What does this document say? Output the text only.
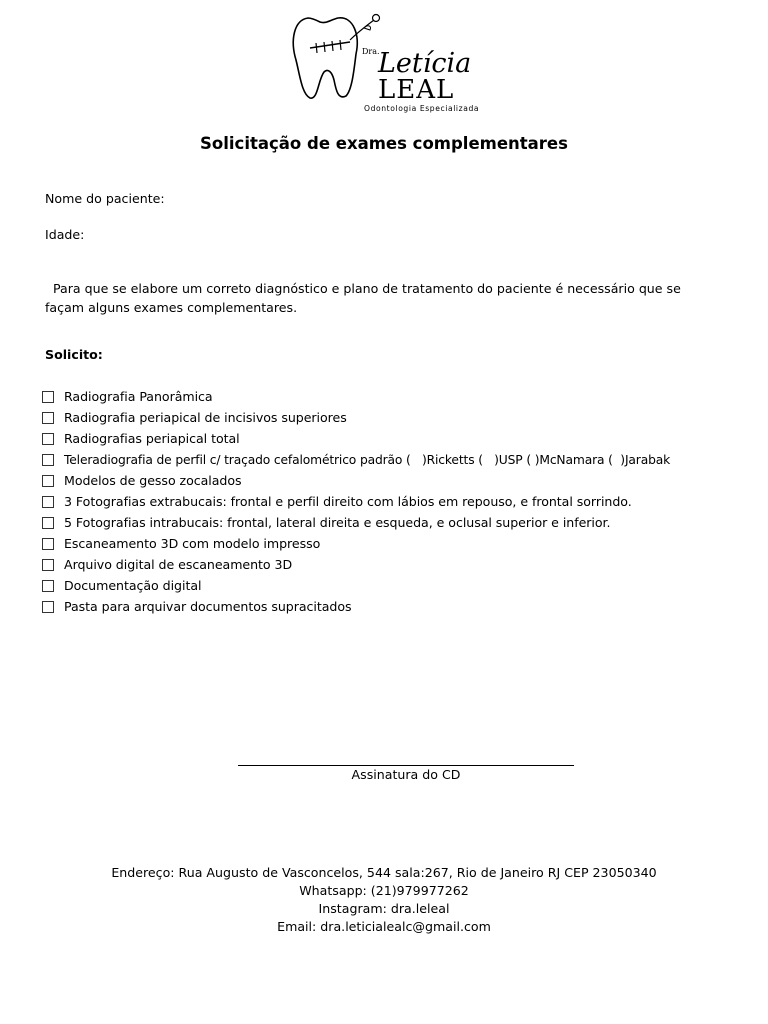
Dra.
Letícia
LEAL
Odontologia Especializada
Solicitação de exames complementares
Nome do paciente:
Idade:
Para que se elabore um correto diagnóstico e plano de tratamento do paciente é necessário que se façam alguns exames complementares.
Solicito:
Radiografia Panorâmica
Radiografia periapical de incisivos superiores
Radiografias periapical total
Teleradiografia de perfil c/ traçado cefalométrico padrão (   )Ricketts (   )USP ( )McNamara (  )Jarabak
Modelos de gesso zocalados
3 Fotografias extrabucais: frontal e perfil direito com lábios em repouso, e frontal sorrindo.
5 Fotografias intrabucais: frontal, lateral direita e esqueda, e oclusal superior e inferior.
Escaneamento 3D com modelo impresso
Arquivo digital de escaneamento 3D
Documentação digital
Pasta para arquivar documentos supracitados
Assinatura do CD
Endereço: Rua Augusto de Vasconcelos, 544 sala:267, Rio de Janeiro RJ CEP 23050340
Whatsapp: (21)979977262
Instagram: dra.leleal
Email: dra.leticialealc@gmail.com
